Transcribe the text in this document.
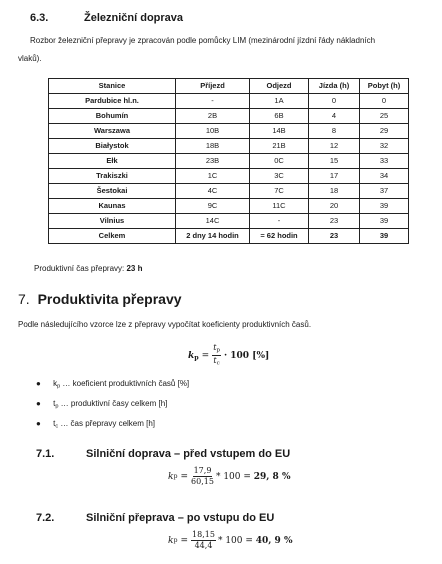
6.3.	Železniční doprava
Rozbor železniční přepravy je zpracován podle pomůcky LIM (mezinárodní jízdní řády nákladních
vlaků).
Stanice	Příjezd	Odjezd	Jízda (h)	Pobyt (h)
Pardubice hl.n.	-	1A	0	0
Bohumín	2B	6B	4	25
Warszawa	10B	14B	8	29
Białystok	18B	21B	12	32
Ełk	23B	0C	15	33
Trakiszki	1C	3C	17	34
Šestokai	4C	7C	18	37
Kaunas	9C	11C	20	39
Vilnius	14C	-	23	39
Celkem	2 dny 14 hodin	= 62 hodin	23	39
Produktivní čas přepravy: 23 h
7. Produktivita přepravy
Podle následujícího vzorce lze z přepravy vypočítat koeficienty produktivních časů.
$k_p = \frac{t_p}{t_c} \cdot 100$ [%]
● $k_p$ … koeficient produktivních časů [%]
● $t_p$ … produktivní časy celkem [h]
● $t_c$ … čas přepravy celkem [h]
7.1.	Silniční doprava – před vstupem do EU
k $p = \frac{17,9}{60,15} * 100 = 29$, 8 %
7.2.	Silniční přeprava – po vstupu do EU
k $p = \frac{18,15}{44,4} * 100 = 40$, 9 %
